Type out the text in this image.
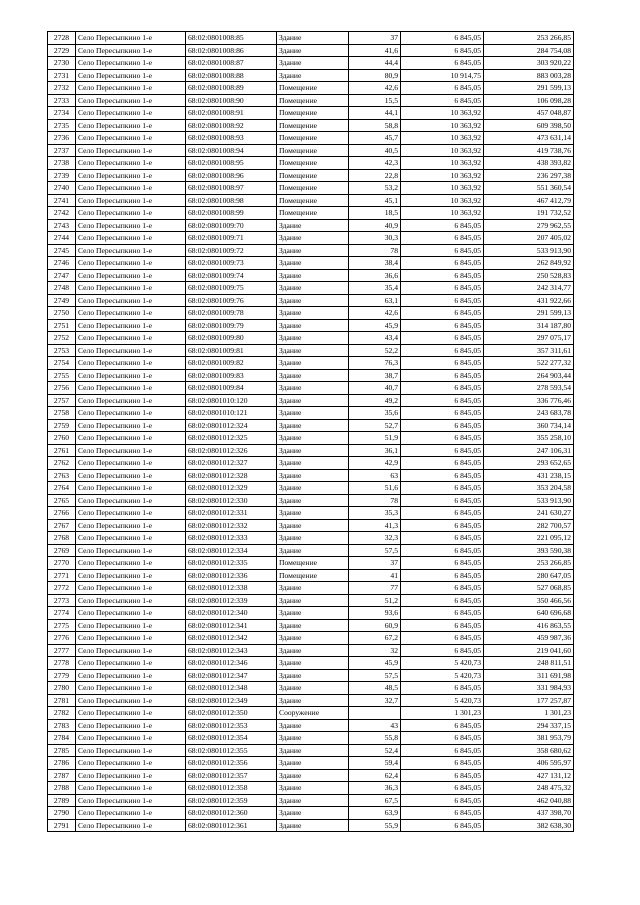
2728	Село Пересыпкино 1-е	68:02:0801008:85	Здание	37	6 845,05	253 266,85
2729	Село Пересыпкино 1-е	68:02:0801008:86	Здание	41,6	6 845,05	284 754,08
2730	Село Пересыпкино 1-е	68:02:0801008:87	Здание	44,4	6 845,05	303 920,22
2731	Село Пересыпкино 1-е	68:02:0801008:88	Здание	80,9	10 914,75	883 003,28
2732	Село Пересыпкино 1-е	68:02:0801008:89	Помещение	42,6	6 845,05	291 599,13
2733	Село Пересыпкино 1-е	68:02:0801008:90	Помещение	15,5	6 845,05	106 098,28
2734	Село Пересыпкино 1-е	68:02:0801008:91	Помещение	44,1	10 363,92	457 048,87
2735	Село Пересыпкино 1-е	68:02:0801008:92	Помещение	58,8	10 363,92	609 398,50
2736	Село Пересыпкино 1-е	68:02:0801008:93	Помещение	45,7	10 363,92	473 631,14
2737	Село Пересыпкино 1-е	68:02:0801008:94	Помещение	40,5	10 363,92	419 738,76
2738	Село Пересыпкино 1-е	68:02:0801008:95	Помещение	42,3	10 363,92	438 393,82
2739	Село Пересыпкино 1-е	68:02:0801008:96	Помещение	22,8	10 363,92	236 297,38
2740	Село Пересыпкино 1-е	68:02:0801008:97	Помещение	53,2	10 363,92	551 360,54
2741	Село Пересыпкино 1-е	68:02:0801008:98	Помещение	45,1	10 363,92	467 412,79
2742	Село Пересыпкино 1-е	68:02:0801008:99	Помещение	18,5	10 363,92	191 732,52
2743	Село Пересыпкино 1-е	68:02:0801009:70	Здание	40,9	6 845,05	279 962,55
2744	Село Пересыпкино 1-е	68:02:0801009:71	Здание	30,3	6 845,05	207 405,02
2745	Село Пересыпкино 1-е	68:02:0801009:72	Здание	78	6 845,05	533 913,90
2746	Село Пересыпкино 1-е	68:02:0801009:73	Здание	38,4	6 845,05	262 849,92
2747	Село Пересыпкино 1-е	68:02:0801009:74	Здание	36,6	6 845,05	250 528,83
2748	Село Пересыпкино 1-е	68:02:0801009:75	Здание	35,4	6 845,05	242 314,77
2749	Село Пересыпкино 1-е	68:02:0801009:76	Здание	63,1	6 845,05	431 922,66
2750	Село Пересыпкино 1-е	68:02:0801009:78	Здание	42,6	6 845,05	291 599,13
2751	Село Пересыпкино 1-е	68:02:0801009:79	Здание	45,9	6 845,05	314 187,80
2752	Село Пересыпкино 1-е	68:02:0801009:80	Здание	43,4	6 845,05	297 075,17
2753	Село Пересыпкино 1-е	68:02:0801009:81	Здание	52,2	6 845,05	357 311,61
2754	Село Пересыпкино 1-е	68:02:0801009:82	Здание	76,3	6 845,05	522 277,32
2755	Село Пересыпкино 1-е	68:02:0801009:83	Здание	38,7	6 845,05	264 903,44
2756	Село Пересыпкино 1-е	68:02:0801009:84	Здание	40,7	6 845,05	278 593,54
2757	Село Пересыпкино 1-е	68:02:0801010:120	Здание	49,2	6 845,05	336 776,46
2758	Село Пересыпкино 1-е	68:02:0801010:121	Здание	35,6	6 845,05	243 683,78
2759	Село Пересыпкино 1-е	68:02:0801012:324	Здание	52,7	6 845,05	360 734,14
2760	Село Пересыпкино 1-е	68:02:0801012:325	Здание	51,9	6 845,05	355 258,10
2761	Село Пересыпкино 1-е	68:02:0801012:326	Здание	36,1	6 845,05	247 106,31
2762	Село Пересыпкино 1-е	68:02:0801012:327	Здание	42,9	6 845,05	293 652,65
2763	Село Пересыпкино 1-е	68:02:0801012:328	Здание	63	6 845,05	431 238,15
2764	Село Пересыпкино 1-е	68:02:0801012:329	Здание	51,6	6 845,05	353 204,58
2765	Село Пересыпкино 1-е	68:02:0801012:330	Здание	78	6 845,05	533 913,90
2766	Село Пересыпкино 1-е	68:02:0801012:331	Здание	35,3	6 845,05	241 630,27
2767	Село Пересыпкино 1-е	68:02:0801012:332	Здание	41,3	6 845,05	282 700,57
2768	Село Пересыпкино 1-е	68:02:0801012:333	Здание	32,3	6 845,05	221 095,12
2769	Село Пересыпкино 1-е	68:02:0801012:334	Здание	57,5	6 845,05	393 590,38
2770	Село Пересыпкино 1-е	68:02:0801012:335	Помещение	37	6 845,05	253 266,85
2771	Село Пересыпкино 1-е	68:02:0801012:336	Помещение	41	6 845,05	280 647,05
2772	Село Пересыпкино 1-е	68:02:0801012:338	Здание	77	6 845,05	527 068,85
2773	Село Пересыпкино 1-е	68:02:0801012:339	Здание	51,2	6 845,05	350 466,56
2774	Село Пересыпкино 1-е	68:02:0801012:340	Здание	93,6	6 845,05	640 696,68
2775	Село Пересыпкино 1-е	68:02:0801012:341	Здание	60,9	6 845,05	416 863,55
2776	Село Пересыпкино 1-е	68:02:0801012:342	Здание	67,2	6 845,05	459 987,36
2777	Село Пересыпкино 1-е	68:02:0801012:343	Здание	32	6 845,05	219 041,60
2778	Село Пересыпкино 1-е	68:02:0801012:346	Здание	45,9	5 420,73	248 811,51
2779	Село Пересыпкино 1-е	68:02:0801012:347	Здание	57,5	5 420,73	311 691,98
2780	Село Пересыпкино 1-е	68:02:0801012:348	Здание	48,5	6 845,05	331 984,93
2781	Село Пересыпкино 1-е	68:02:0801012:349	Здание	32,7	5 420,73	177 257,87
2782	Село Пересыпкино 1-е	68:02:0801012:350	Сооружение		1 301,23	1 301,23
2783	Село Пересыпкино 1-е	68:02:0801012:353	Здание	43	6 845,05	294 337,15
2784	Село Пересыпкино 1-е	68:02:0801012:354	Здание	55,8	6 845,05	381 953,79
2785	Село Пересыпкино 1-е	68:02:0801012:355	Здание	52,4	6 845,05	358 680,62
2786	Село Пересыпкино 1-е	68:02:0801012:356	Здание	59,4	6 845,05	406 595,97
2787	Село Пересыпкино 1-е	68:02:0801012:357	Здание	62,4	6 845,05	427 131,12
2788	Село Пересыпкино 1-е	68:02:0801012:358	Здание	36,3	6 845,05	248 475,32
2789	Село Пересыпкино 1-е	68:02:0801012:359	Здание	67,5	6 845,05	462 040,88
2790	Село Пересыпкино 1-е	68:02:0801012:360	Здание	63,9	6 845,05	437 398,70
2791	Село Пересыпкино 1-е	68:02:0801012:361	Здание	55,9	6 845,05	382 638,30
